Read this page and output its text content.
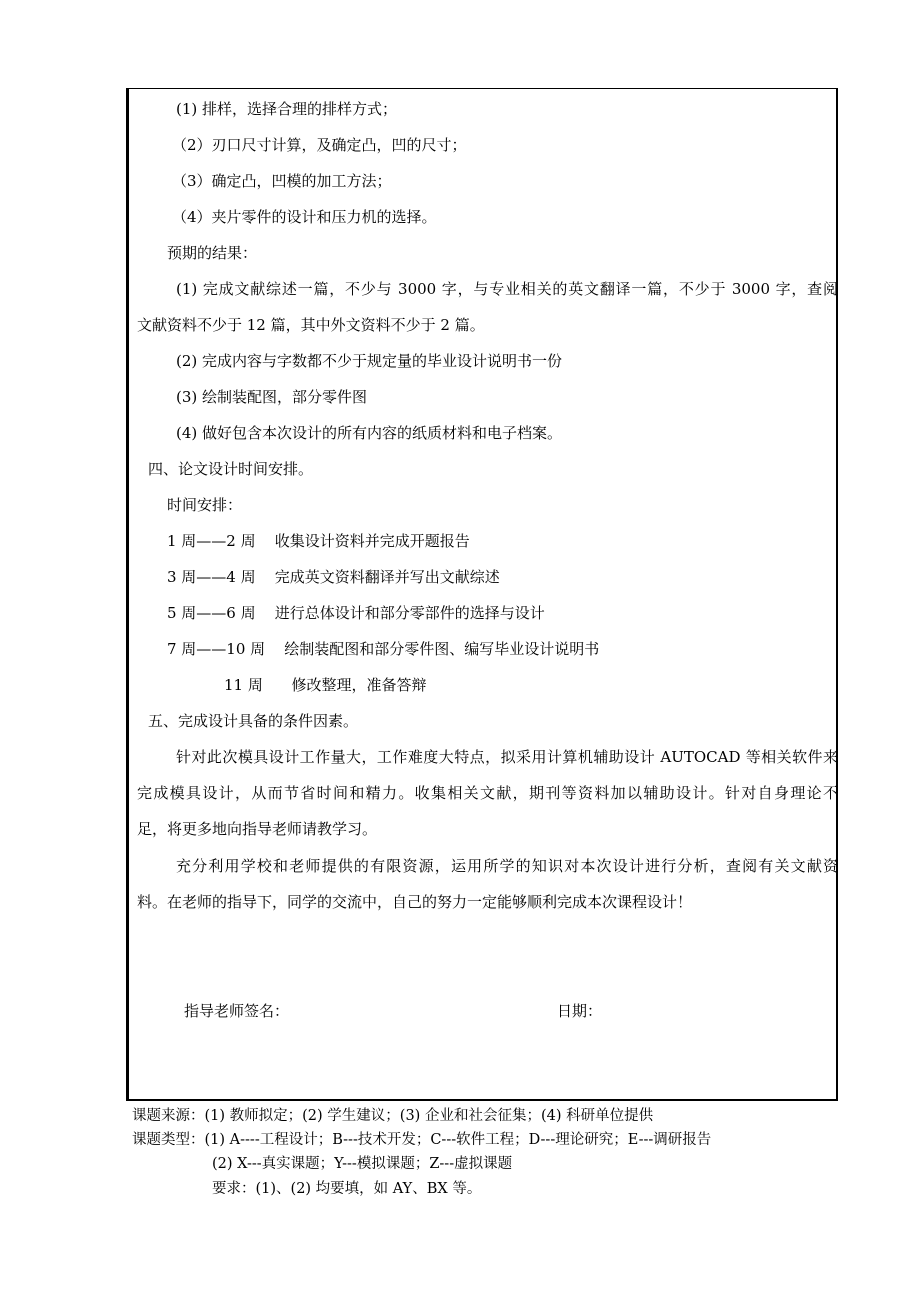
(1) 排样，选择合理的排样方式；
（2）刃口尺寸计算，及确定凸，凹的尺寸；
（3）确定凸，凹模的加工方法；
（4）夹片零件的设计和压力机的选择。
预期的结果：
(1) 完成文献综述一篇，不少与 3000 字，与专业相关的英文翻译一篇，不少于 3000 字，查阅
文献资料不少于 12 篇，其中外文资料不少于 2 篇。
(2) 完成内容与字数都不少于规定量的毕业设计说明书一份
(3) 绘制装配图，部分零件图
(4) 做好包含本次设计的所有内容的纸质材料和电子档案。
四、论文设计时间安排。
时间安排：
1 周——2 周    收集设计资料并完成开题报告
3 周——4 周    完成英文资料翻译并写出文献综述
5 周——6 周    进行总体设计和部分零部件的选择与设计
7 周——10 周    绘制装配图和部分零件图、编写毕业设计说明书
11 周      修改整理，准备答辩
五、完成设计具备的条件因素。
针对此次模具设计工作量大，工作难度大特点，拟采用计算机辅助设计 AUTOCAD 等相关软件来
完成模具设计，从而节省时间和精力。收集相关文献，期刊等资料加以辅助设计。针对自身理论不
足，将更多地向指导老师请教学习。
充分利用学校和老师提供的有限资源，运用所学的知识对本次设计进行分析，查阅有关文献资
料。在老师的指导下，同学的交流中，自己的努力一定能够顺利完成本次课程设计！
指导老师签名：	日期：
课题来源：(1) 教师拟定；(2) 学生建议；(3) 企业和社会征集；(4) 科研单位提供
课题类型：(1) A----工程设计；B---技术开发；C---软件工程；D---理论研究；E---调研报告
(2) X---真实课题；Y---模拟课题；Z---虚拟课题
要求：(1)、(2) 均要填，如 AY、BX 等。
